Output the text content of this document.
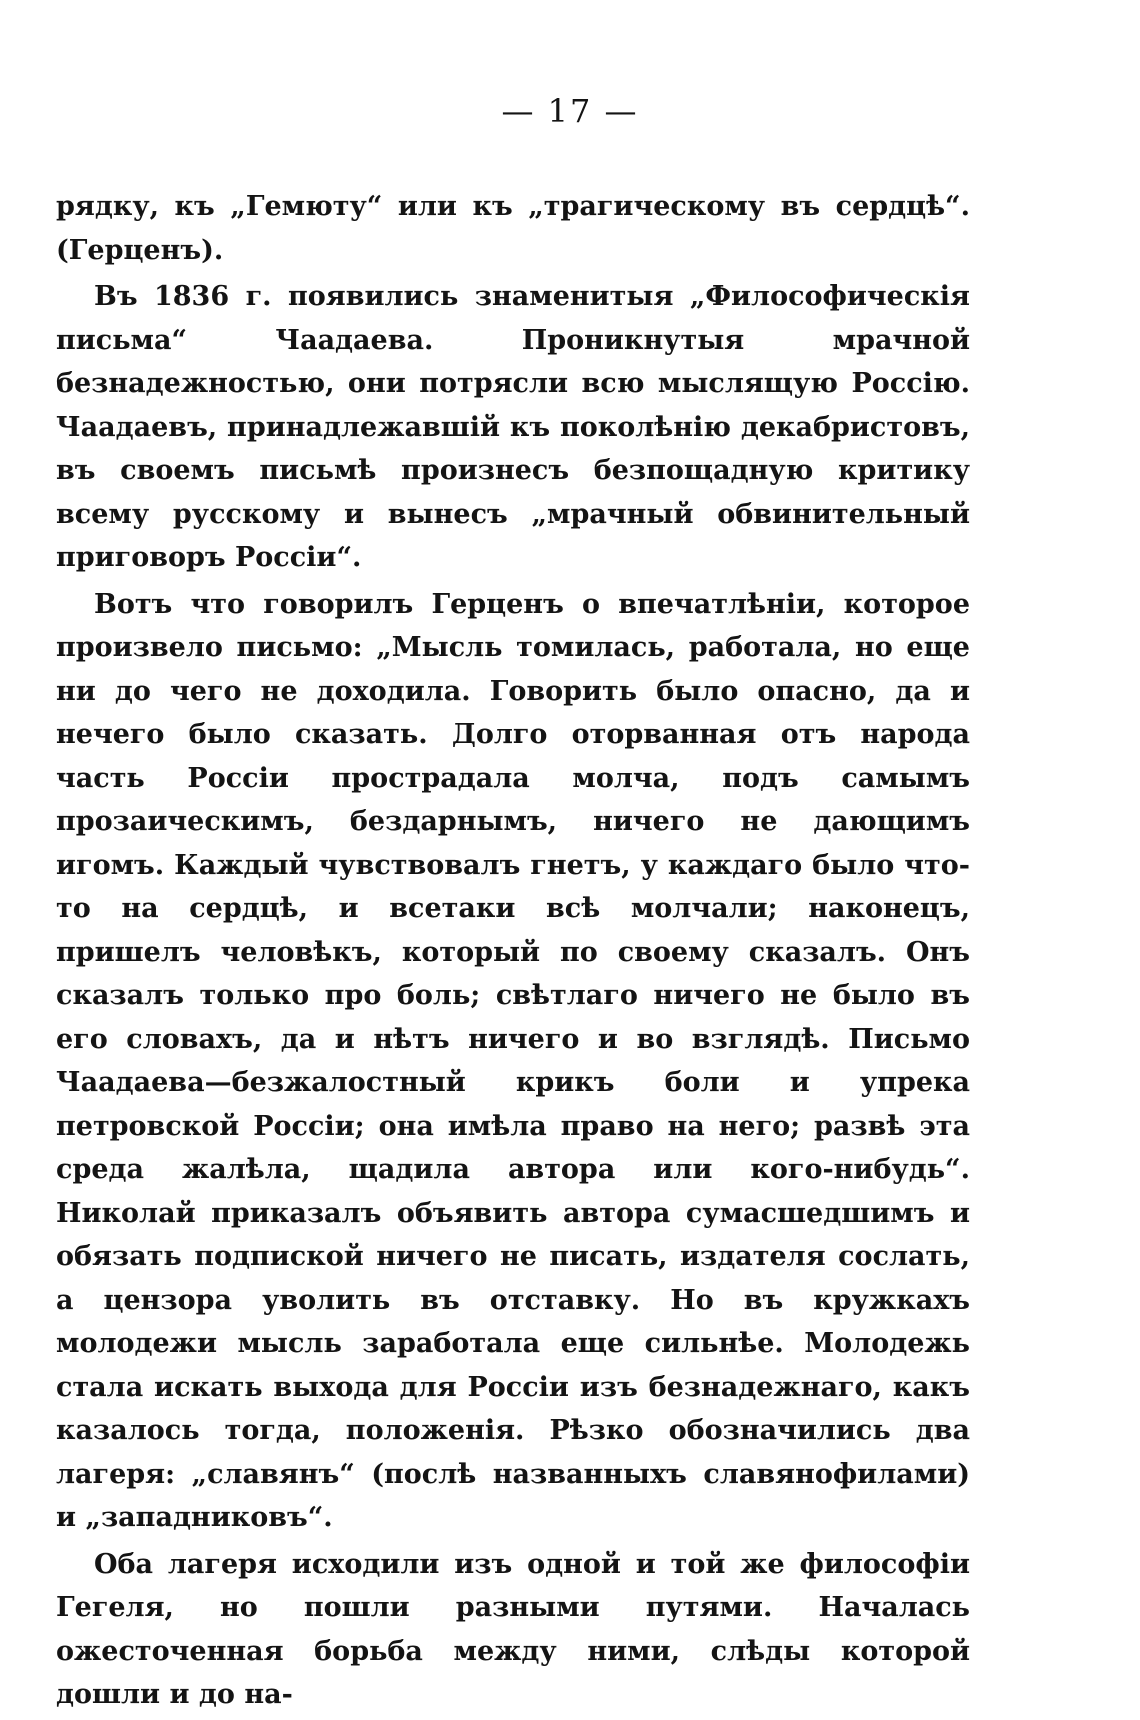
— 17 —

рядку, къ „Гемюту“ или къ „трагическому въ сердцѣ“. (Герценъ).

Въ 1836 г. появились знаменитыя „Философическія письма“ Чаадаева. Проникнутыя мрачной безнадежностью, они потрясли всю мыслящую Россію. Чаадаевъ, принадлежавшій къ поколѣнію декабристовъ, въ своемъ письмѣ произнесъ безпощадную критику всему русскому и вынесъ „мрачный обвинительный приговоръ Россіи“.

Вотъ что говорилъ Герценъ о впечатлѣніи, которое произвело письмо: „Мысль томилась, работала, но еще ни до чего не доходила. Говорить было опасно, да и нечего было сказать. Долго оторванная отъ народа часть Россіи прострадала молча, подъ самымъ прозаическимъ, бездарнымъ, ничего не дающимъ игомъ. Каждый чувствовалъ гнетъ, у каждаго было что-то на сердцѣ, и всетаки всѣ молчали; наконецъ, пришелъ человѣкъ, который по своему сказалъ. Онъ сказалъ только про боль; свѣтлаго ничего не было въ его словахъ, да и нѣтъ ничего и во взглядѣ. Письмо Чаадаева—безжалостный крикъ боли и упрека петровской Россіи; она имѣла право на него; развѣ эта среда жалѣла, щадила автора или кого-нибудь“. Николай приказалъ объявить автора сумасшедшимъ и обязать подпиской ничего не писать, издателя сослать, а цензора уволить въ отставку. Но въ кружкахъ молодежи мысль заработала еще сильнѣе. Молодежь стала искать выхода для Россіи изъ безнадежнаго, какъ казалось тогда, положенія. Рѣзко обозначились два лагеря: „славянъ“ (послѣ названныхъ славянофилами) и „западниковъ“.

Оба лагеря исходили изъ одной и той же философіи Гегеля, но пошли разными путями. Началась ожесточенная борьба между ними, слѣды которой дошли и до на-
